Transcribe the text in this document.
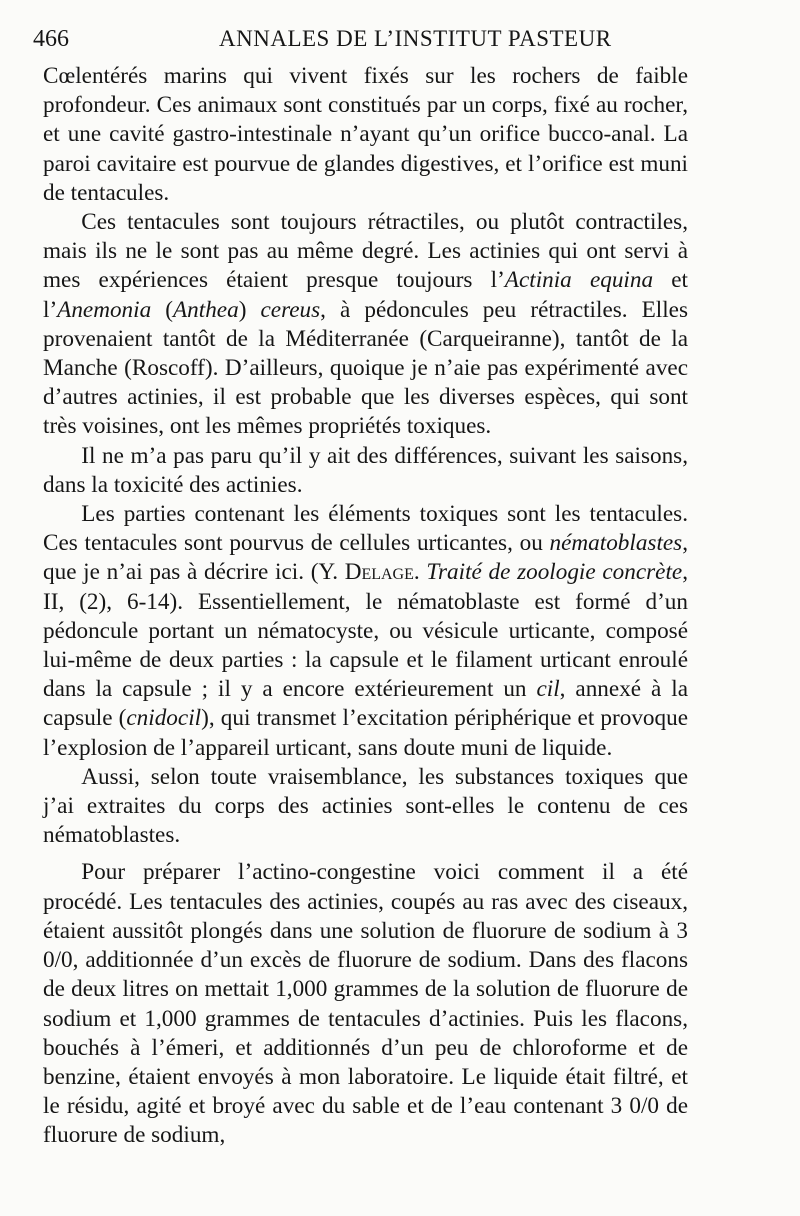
466	ANNALES DE L’INSTITUT PASTEUR

Cœlentérés marins qui vivent fixés sur les rochers de faible profondeur. Ces animaux sont constitués par un corps, fixé au rocher, et une cavité gastro-intestinale n’ayant qu’un orifice bucco-anal. La paroi cavitaire est pourvue de glandes digestives, et l’orifice est muni de tentacules.

Ces tentacules sont toujours rétractiles, ou plutôt contractiles, mais ils ne le sont pas au même degré. Les actinies qui ont servi à mes expériences étaient presque toujours l’Actinia equina et l’Anemonia (Anthea) cereus, à pédoncules peu rétractiles. Elles provenaient tantôt de la Méditerranée (Carqueiranne), tantôt de la Manche (Roscoff). D’ailleurs, quoique je n’aie pas expérimenté avec d’autres actinies, il est probable que les diverses espèces, qui sont très voisines, ont les mêmes propriétés toxiques.

Il ne m’a pas paru qu’il y ait des différences, suivant les saisons, dans la toxicité des actinies.

Les parties contenant les éléments toxiques sont les tentacules. Ces tentacules sont pourvus de cellules urticantes, ou nématoblastes, que je n’ai pas à décrire ici. (Y. Delage. Traité de zoologie concrète, II, (2), 6-14). Essentiellement, le nématoblaste est formé d’un pédoncule portant un nématocyste, ou vésicule urticante, composé lui-même de deux parties : la capsule et le filament urticant enroulé dans la capsule ; il y a encore extérieurement un cil, annexé à la capsule (cnidocil), qui transmet l’excitation périphérique et provoque l’explosion de l’appareil urticant, sans doute muni de liquide.

Aussi, selon toute vraisemblance, les substances toxiques que j’ai extraites du corps des actinies sont-elles le contenu de ces nématoblastes.

Pour préparer l’actino-congestine voici comment il a été procédé. Les tentacules des actinies, coupés au ras avec des ciseaux, étaient aussitôt plongés dans une solution de fluorure de sodium à 3 0/0, additionnée d’un excès de fluorure de sodium. Dans des flacons de deux litres on mettait 1,000 grammes de la solution de fluorure de sodium et 1,000 grammes de tentacules d’actinies. Puis les flacons, bouchés à l’émeri, et additionnés d’un peu de chloroforme et de benzine, étaient envoyés à mon laboratoire. Le liquide était filtré, et le résidu, agité et broyé avec du sable et de l’eau contenant 3 0/0 de fluorure de sodium,
